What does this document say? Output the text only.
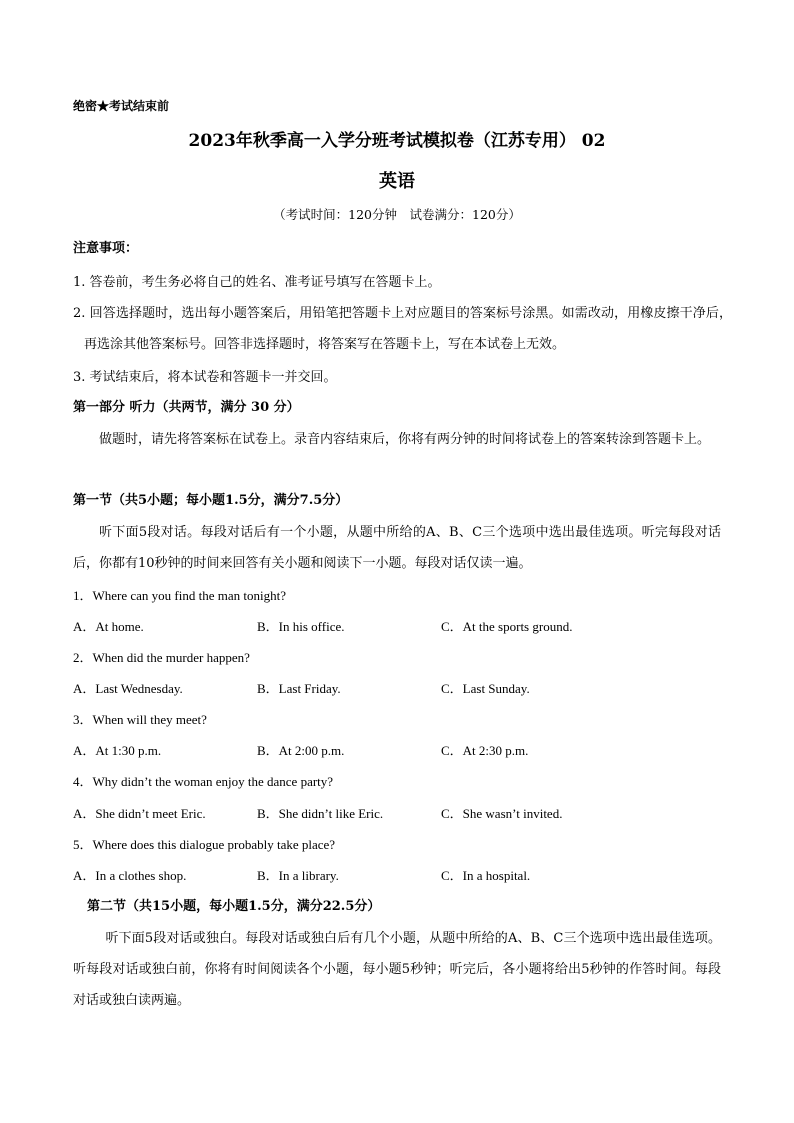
绝密★考试结束前
2023年秋季高一入学分班考试模拟卷（江苏专用） 02
英语
（考试时间：120分钟　试卷满分：120分）
注意事项：
1. 答卷前，考生务必将自己的姓名、准考证号填写在答题卡上。
2. 回答选择题时，选出每小题答案后，用铅笔把答题卡上对应题目的答案标号涂黑。如需改动，用橡皮擦干净后，再选涂其他答案标号。回答非选择题时，将答案写在答题卡上，写在本试卷上无效。
3. 考试结束后，将本试卷和答题卡一并交回。
第一部分 听力（共两节，满分 30 分）
做题时，请先将答案标在试卷上。录音内容结束后，你将有两分钟的时间将试卷上的答案转涂到答题卡上。
第一节（共5小题；每小题1.5分，满分7.5分）
听下面5段对话。每段对话后有一个小题，从题中所给的A、B、C三个选项中选出最佳选项。听完每段对话后，你都有10秒钟的时间来回答有关小题和阅读下一小题。每段对话仅读一遍。
1．Where can you find the man tonight?
A．At home.	B．In his office.	C．At the sports ground.
2．When did the murder happen?
A．Last Wednesday.	B．Last Friday.	C．Last Sunday.
3．When will they meet?
A．At 1:30 p.m.	B．At 2:00 p.m.	C．At 2:30 p.m.
4．Why didn’t the woman enjoy the dance party?
A．She didn’t meet Eric.	B．She didn’t like Eric.	C．She wasn’t invited.
5．Where does this dialogue probably take place?
A．In a clothes shop.	B．In a library.	C．In a hospital.
第二节（共15小题，每小题1.5分，满分22.5分）
听下面5段对话或独白。每段对话或独白后有几个小题，从题中所给的A、B、C三个选项中选出最佳选项。听每段对话或独白前，你将有时间阅读各个小题，每小题5秒钟；听完后，各小题将给出5秒钟的作答时间。每段对话或独白读两遍。
